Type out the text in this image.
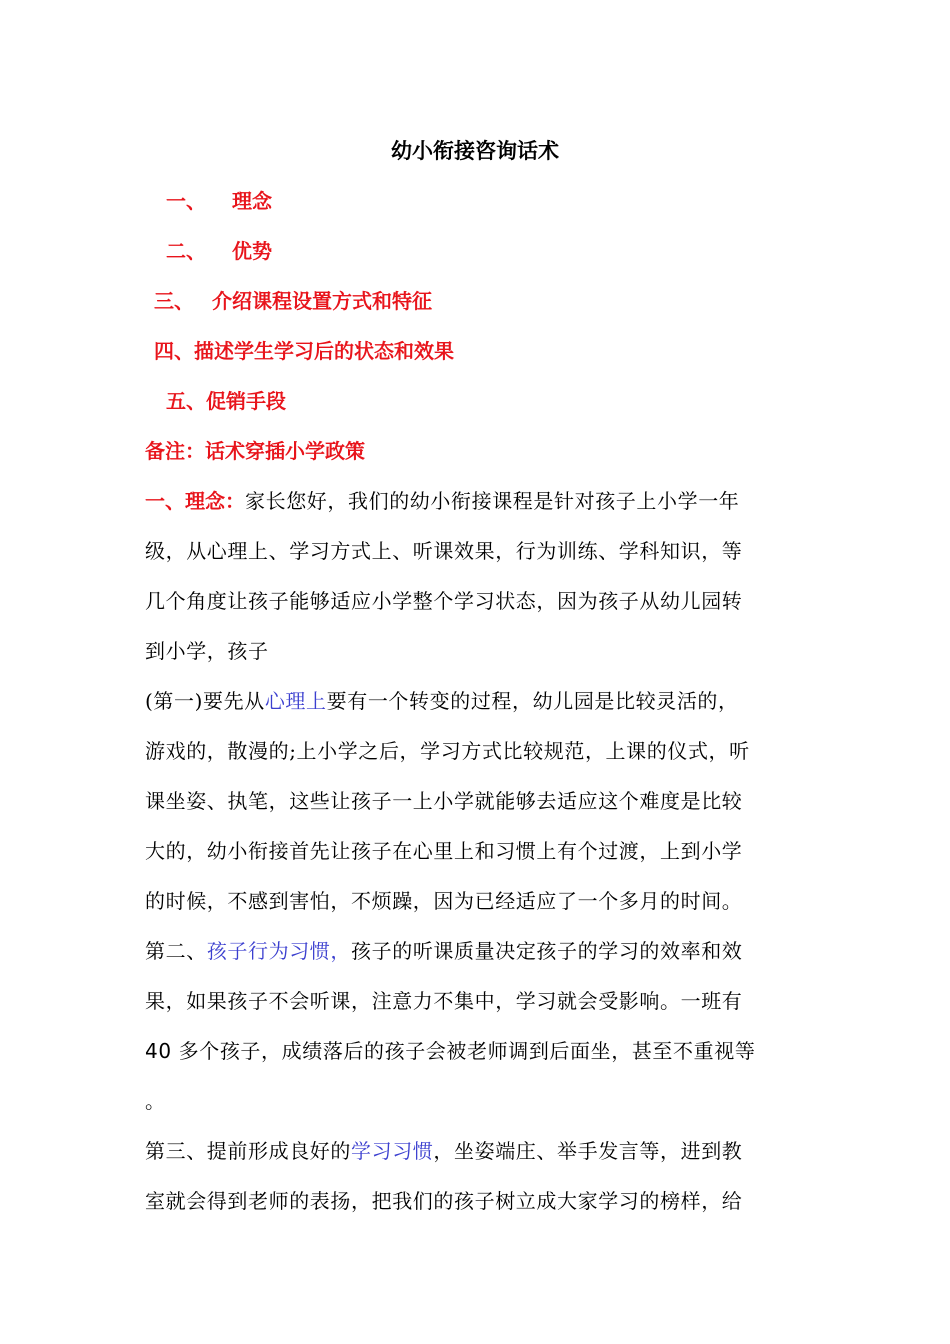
幼小衔接咨询话术
一、 理念
二、 优势
三、 介绍课程设置方式和特征
四、描述学生学习后的状态和效果
五、促销手段
备注：话术穿插小学政策
一、理念：家长您好，我们的幼小衔接课程是针对孩子上小学一年
级，从心理上、学习方式上、听课效果，行为训练、学科知识，等
几个角度让孩子能够适应小学整个学习状态，因为孩子从幼儿园转
到小学，孩子
(第一)要先从心理上要有一个转变的过程，幼儿园是比较灵活的，
游戏的，散漫的;上小学之后，学习方式比较规范，上课的仪式，听
课坐姿、执笔，这些让孩子一上小学就能够去适应这个难度是比较
大的，幼小衔接首先让孩子在心里上和习惯上有个过渡，上到小学
的时候，不感到害怕，不烦躁，因为已经适应了一个多月的时间。
第二、孩子行为习惯，孩子的听课质量决定孩子的学习的效率和效
果，如果孩子不会听课，注意力不集中，学习就会受影响。一班有
40 多个孩子，成绩落后的孩子会被老师调到后面坐，甚至不重视等
。
第三、提前形成良好的学习习惯，坐姿端庄、举手发言等，进到教
室就会得到老师的表扬，把我们的孩子树立成大家学习的榜样，给
